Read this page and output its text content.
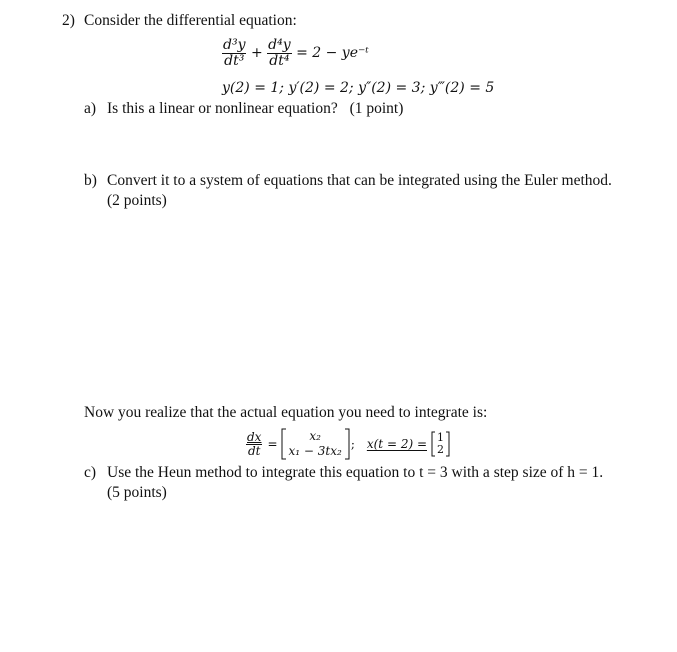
2) Consider the differential equation:
$\frac{\text{d³y}}{\text{dt³}} + \frac{\text{d⁴y}}{\text{dt⁴}} = 2$ − ye⁻ᵗ
y(2) = 1; y′(2) = 2; y″(2) = 3; y‴(2) = 5
a) Is this a linear or nonlinear equation? (1 point)
b) Convert it to a system of equations that can be integrated using the Euler method.
(2 points)
Now you realize that the actual equation you need to integrate is:
$\frac{dx}{dt}$ =
x₂
x₁ − 3tx₂ ; x(t = 2) = 1
2
c) Use the Heun method to integrate this equation to t = 3 with a step size of h = 1.
(5 points)
